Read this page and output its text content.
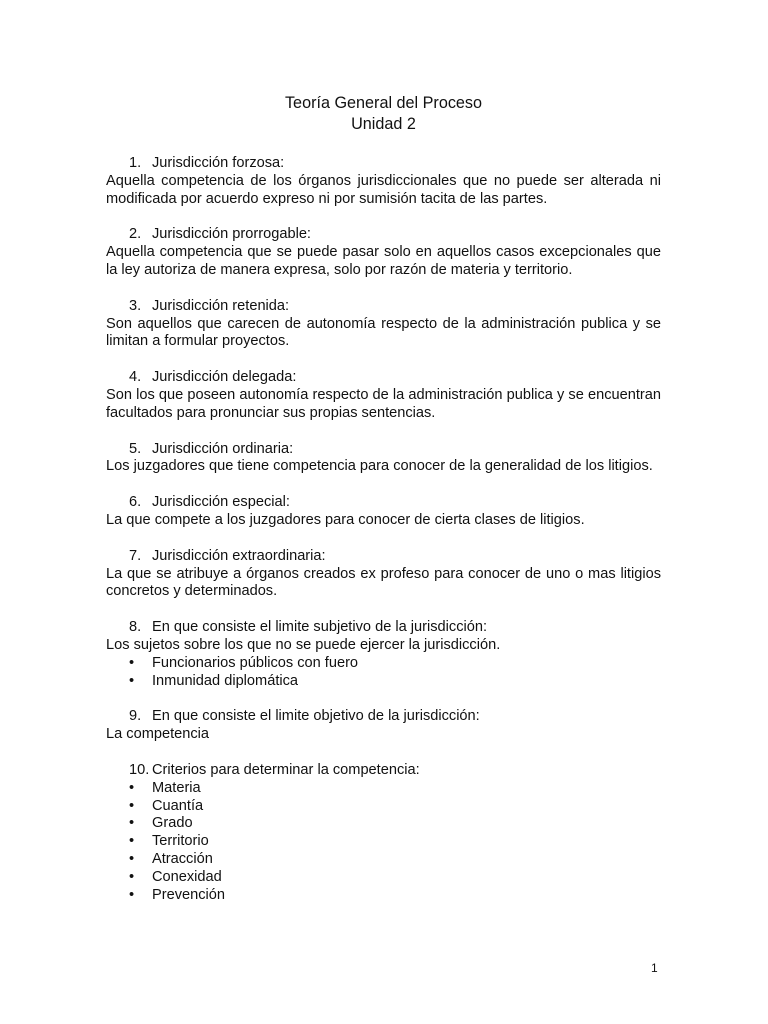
Teoría General del Proceso
Unidad 2
1. Jurisdicción forzosa:
Aquella competencia de los órganos jurisdiccionales que no puede ser alterada ni modificada por acuerdo expreso ni por sumisión tacita de las partes.
2. Jurisdicción prorrogable:
Aquella competencia que se puede pasar solo en aquellos casos excepcionales que la ley autoriza de manera expresa, solo por razón de materia y territorio.
3. Jurisdicción retenida:
Son aquellos que carecen de autonomía respecto de la administración publica y se limitan a formular proyectos.
4. Jurisdicción delegada:
Son los que poseen autonomía respecto de la administración publica y se encuentran facultados para pronunciar sus propias sentencias.
5. Jurisdicción ordinaria:
Los juzgadores que tiene competencia para conocer de la generalidad de los litigios.
6. Jurisdicción especial:
La que compete a los juzgadores para conocer de cierta clases de litigios.
7. Jurisdicción extraordinaria:
La que se atribuye a órganos creados ex profeso para conocer de uno o mas litigios concretos y determinados.
8. En que consiste el limite subjetivo de la jurisdicción:
Los sujetos sobre los que no se puede ejercer la jurisdicción.
•	Funcionarios públicos con fuero
•	Inmunidad diplomática
9. En que consiste el limite objetivo de la jurisdicción:
La competencia
10. Criterios para determinar la competencia:
•	Materia
•	Cuantía
•	Grado
•	Territorio
•	Atracción
•	Conexidad
•	Prevención
1
